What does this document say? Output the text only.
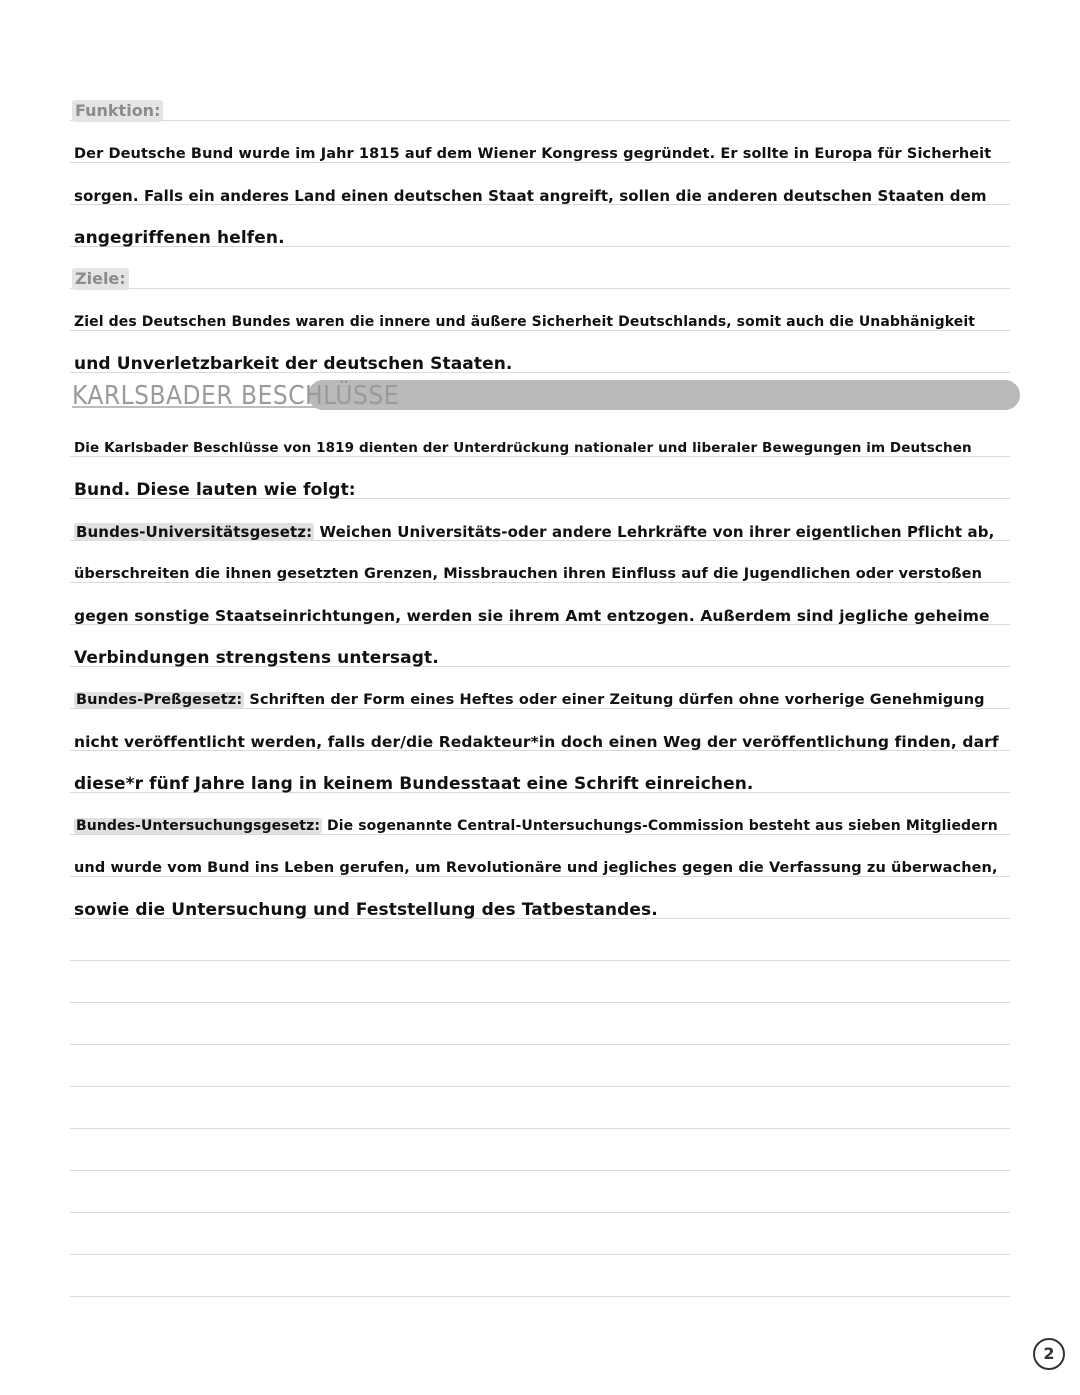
Funktion:
Der Deutsche Bund wurde im Jahr 1815 auf dem Wiener Kongress gegründet. Er sollte in Europa für Sicherheit
sorgen. Falls ein anderes Land einen deutschen Staat angreift, sollen die anderen deutschen Staaten dem
angegriffenen helfen.
Ziele:
Ziel des Deutschen Bundes waren die innere und äußere Sicherheit Deutschlands, somit auch die Unabhänigkeit
und Unverletzbarkeit der deutschen Staaten.
KARLSBADER BESCHLÜSSE
Die Karlsbader Beschlüsse von 1819 dienten der Unterdrückung nationaler und liberaler Bewegungen im Deutschen
Bund. Diese lauten wie folgt:
Bundes-Universitätsgesetz: Weichen Universitäts-oder andere Lehrkräfte von ihrer eigentlichen Pflicht ab,
überschreiten die ihnen gesetzten Grenzen, Missbrauchen ihren Einfluss auf die Jugendlichen oder verstoßen
gegen sonstige Staatseinrichtungen, werden sie ihrem Amt entzogen. Außerdem sind jegliche geheime
Verbindungen strengstens untersagt.
Bundes-Preßgesetz: Schriften der Form eines Heftes oder einer Zeitung dürfen ohne vorherige Genehmigung
nicht veröffentlicht werden, falls der/die Redakteur*in doch einen Weg der veröffentlichung finden, darf
diese*r fünf Jahre lang in keinem Bundesstaat eine Schrift einreichen.
Bundes-Untersuchungsgesetz: Die sogenannte Central-Untersuchungs-Commission besteht aus sieben Mitgliedern
und wurde vom Bund ins Leben gerufen, um Revolutionäre und jegliches gegen die Verfassung zu überwachen,
sowie die Untersuchung und Feststellung des Tatbestandes.
2
